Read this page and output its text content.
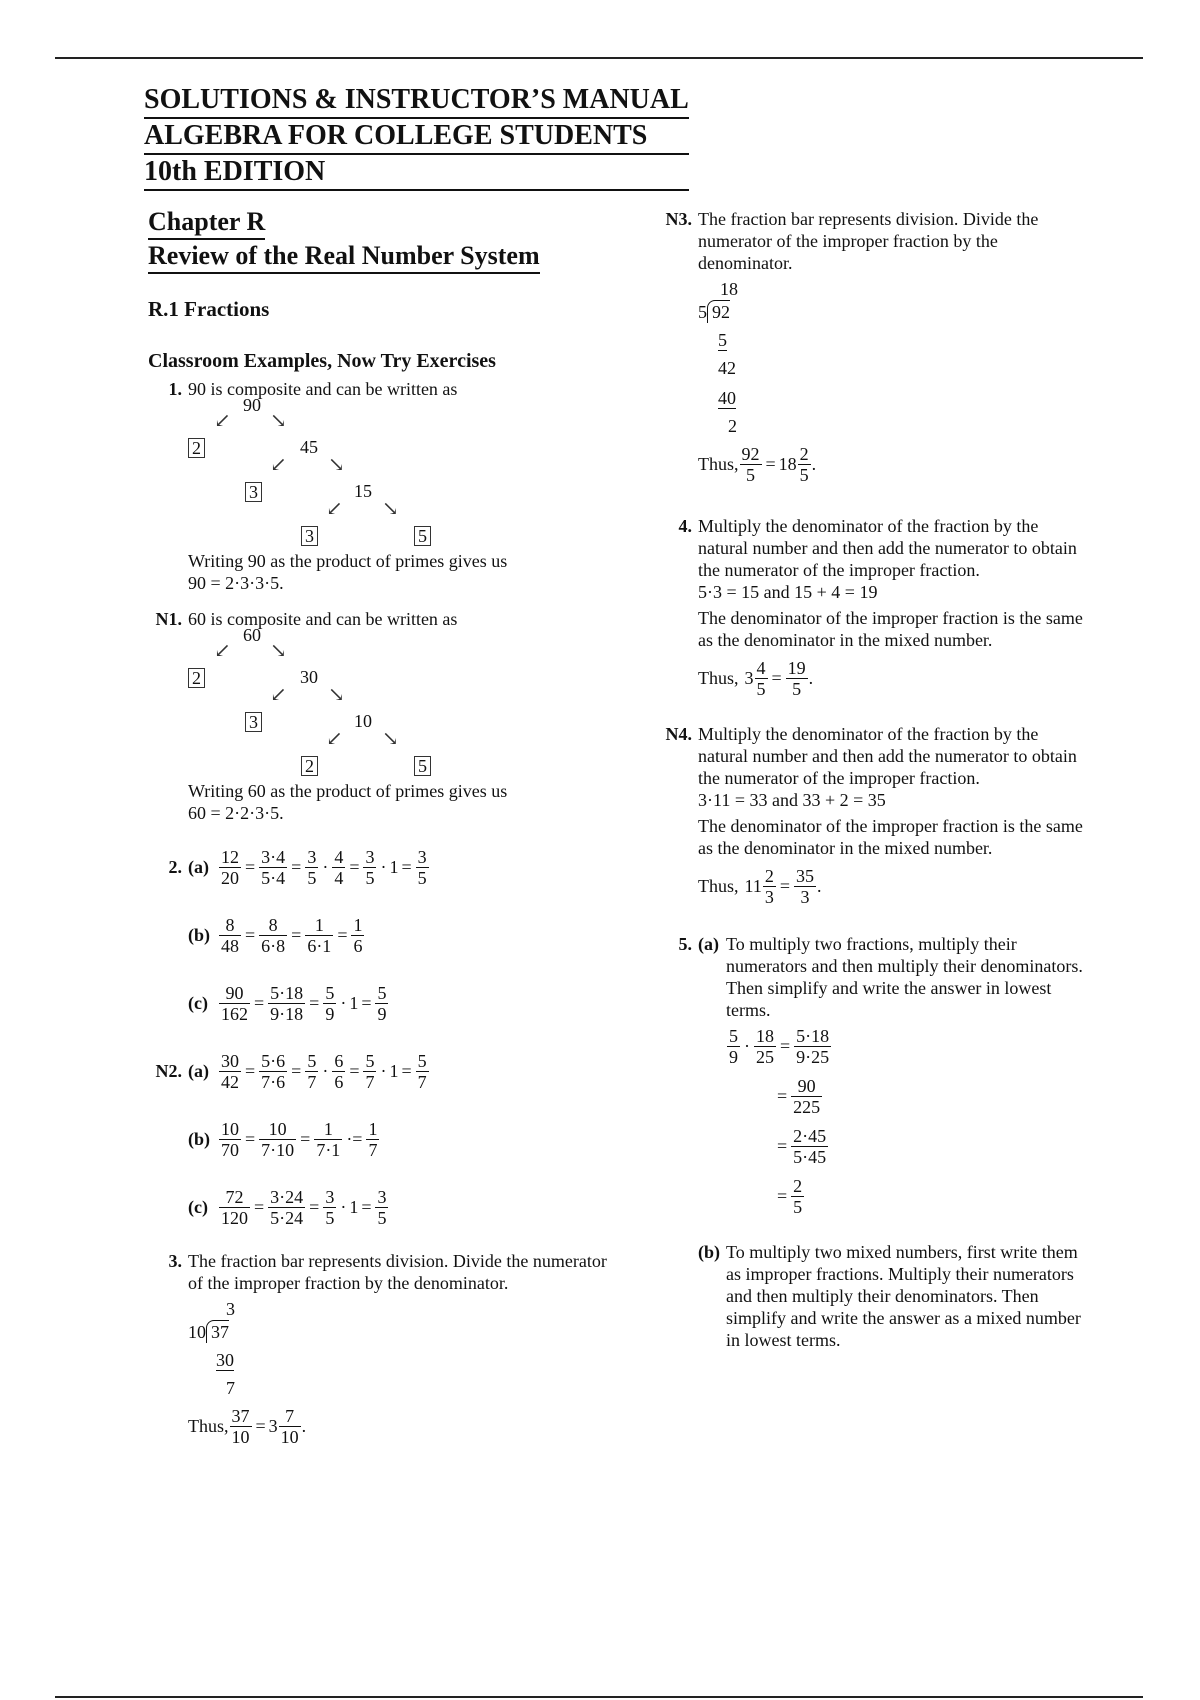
SOLUTIONS & INSTRUCTOR’S MANUAL
ALGEBRA FOR COLLEGE STUDENTS
10th EDITION
Chapter R
Review of the Real Number System
R.1 Fractions
Classroom Examples, Now Try Exercises
1. 90 is composite and can be written as
90
↙ ↘
2	45
↙ ↘
3	15
↙ ↘
3	5
Writing 90 as the product of primes gives us
90 = 2·3·3·5.
N1. 60 is composite and can be written as
60
↙ ↘
2	30
↙ ↘
3	10
↙ ↘
2	5
Writing 60 as the product of primes gives us
60 = 2·2·3·5.
2. $(a) \frac{12}{20} = \frac{3\cdot 4}{5\cdot 4} = \frac{3}{5} \cdot \frac{4}{4} = \frac{3}{5} \cdot 1 = \frac{3}{5}$
$(b) \frac{8}{48} = \frac{8}{6\cdot 8} = \frac{1}{6\cdot 1} = \frac{1}{6}$
$(c) \frac{90}{162} = \frac{5\cdot 18}{9\cdot 18} = \frac{5}{9} \cdot 1 = \frac{5}{9}$
N2. $(a) \frac{30}{42} = \frac{5\cdot 6}{7\cdot 6} = \frac{5}{7} \cdot \frac{6}{6} = \frac{5}{7} \cdot 1 = \frac{5}{7}$
$(b) \frac{10}{70} = \frac{10}{7\cdot 10} = \frac{1}{7\cdot 1} \cdot= \frac{1}{7}$
$(c) \frac{72}{120} = \frac{3\cdot 24}{5\cdot 24} = \frac{3}{5} \cdot 1 = \frac{3}{5}$
3. The fraction bar represents division. Divide the numerator of the improper fraction by the denominator.
3
10 37
30
7
Thus, $\frac{37}{10} = 3 \frac{7}{10}$ .
N3. The fraction bar represents division. Divide the numerator of the improper fraction by the denominator.
18
5 92
5
42
40
2
Thus, $\frac{92}{5} = 18 \frac{2}{5}$ .
4. Multiply the denominator of the fraction by the natural number and then add the numerator to obtain the numerator of the improper fraction.
5·3 = 15 and 15 + 4 = 19
The denominator of the improper fraction is the same as the denominator in the mixed number.
Thus, $3 \frac{4}{5} = \frac{19}{5}$ .
N4. Multiply the denominator of the fraction by the natural number and then add the numerator to obtain the numerator of the improper fraction.
3·11 = 33 and 33 + 2 = 35
The denominator of the improper fraction is the same as the denominator in the mixed number.
Thus, $11 \frac{2}{3} = \frac{35}{3}$ .
5. (a) To multiply two fractions, multiply their numerators and then multiply their denominators. Then simplify and write the answer in lowest terms.
$\frac{5}{9} \cdot \frac{18}{25} = \frac{5\cdot 18}{9\cdot 25}$
= $\frac{90}{225}$
= $\frac{2\cdot 45}{5\cdot 45}$
= $\frac{2}{5}$
(b) To multiply two mixed numbers, first write them as improper fractions. Multiply their numerators and then multiply their denominators. Then simplify and write the answer as a mixed number in lowest terms.
